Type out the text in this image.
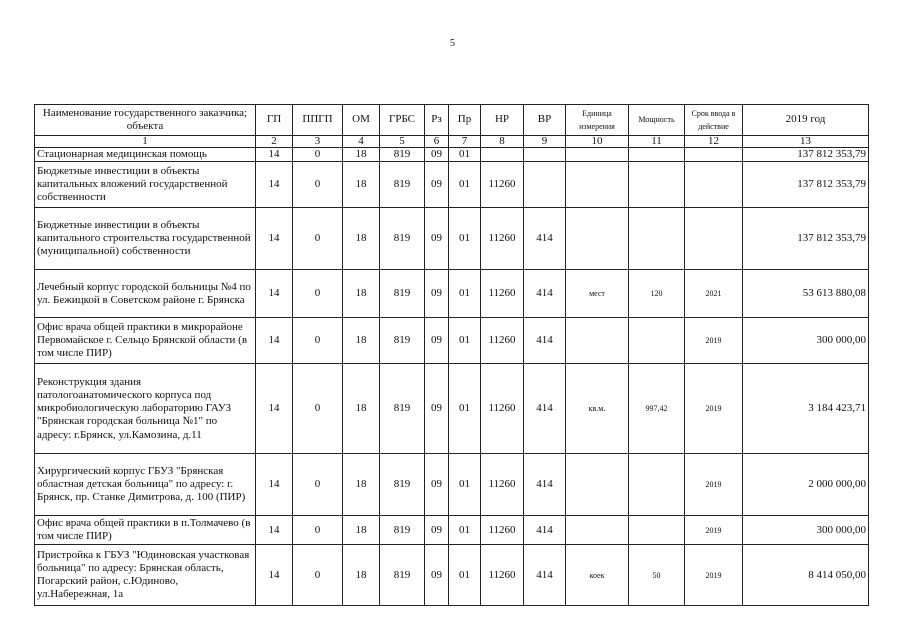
5
Наименование государственного заказчика; объекта	ГП	ППГП	ОМ	ГРБС	Рз	Пр	НР	ВР	Единица измерения	Мощность	Срок ввода в действие	2019 год
1	2	3	4	5	6	7	8	9	10	11	12	13
Стационарная медицинская помощь	14	0	18	819	09	01						137 812 353,79
Бюджетные инвестиции в объекты капитальных вложений государственной собственности	14	0	18	819	09	01	11260					137 812 353,79
Бюджетные инвестиции в объекты капитального строительства государственной (муниципальной) собственности	14	0	18	819	09	01	11260	414				137 812 353,79
Лечебный корпус городской больницы №4 по ул. Бежицкой в Советском районе г. Брянска	14	0	18	819	09	01	11260	414	мест	120	2021	53 613 880,08
Офис врача общей практики в микрорайоне Первомайское г. Сельцо Брянской области (в том числе ПИР)	14	0	18	819	09	01	11260	414			2019	300 000,00
Реконструкция здания патологоанатомического корпуса под микробиологическую лабораторию ГАУЗ "Брянская городская больница №1" по адресу: г.Брянск, ул.Камозина, д.11	14	0	18	819	09	01	11260	414	кв.м.	997,42	2019	3 184 423,71
Хирургический корпус ГБУЗ "Брянская областная детская больница" по адресу: г. Брянск, пр. Станке Димитрова, д. 100 (ПИР)	14	0	18	819	09	01	11260	414			2019	2 000 000,00
Офис врача общей практики в п.Толмачево (в том числе ПИР)	14	0	18	819	09	01	11260	414			2019	300 000,00
Пристройка к ГБУЗ "Юдиновская участковая больница" по адресу: Брянская область, Погарский район, с.Юдиново, ул.Набережная, 1а	14	0	18	819	09	01	11260	414	коек	50	2019	8 414 050,00
